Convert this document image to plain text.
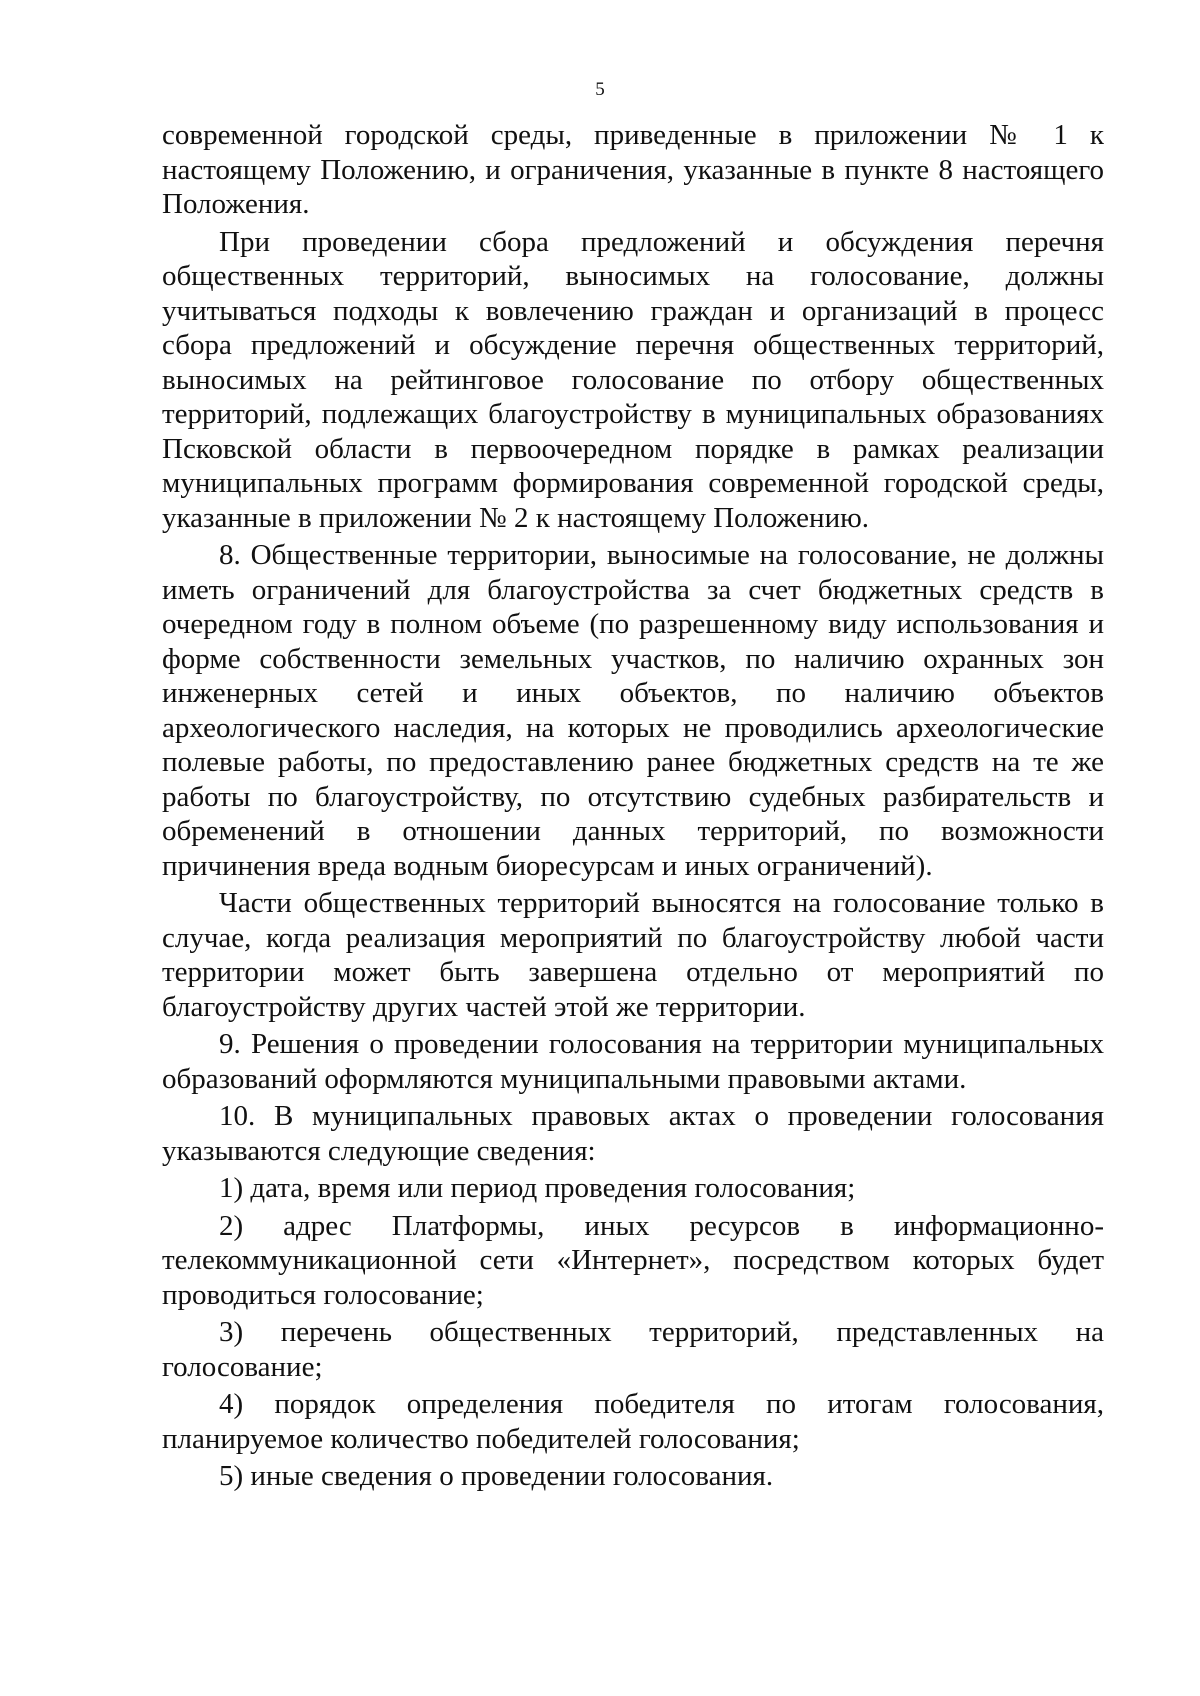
5

современной городской среды, приведенные в приложении № 1 к настоящему Положению, и ограничения, указанные в пункте 8 настоящего Положения.

При проведении сбора предложений и обсуждения перечня общественных территорий, выносимых на голосование, должны учитываться подходы к вовлечению граждан и организаций в процесс сбора предложений и обсуждение перечня общественных территорий, выносимых на рейтинговое голосование по отбору общественных территорий, подлежащих благоустройству в муниципальных образованиях Псковской области в первоочередном порядке в рамках реализации муниципальных программ формирования современной городской среды, указанные в приложении № 2 к настоящему Положению.

8. Общественные территории, выносимые на голосование, не должны иметь ограничений для благоустройства за счет бюджетных средств в очередном году в полном объеме (по разрешенному виду использования и форме собственности земельных участков, по наличию охранных зон инженерных сетей и иных объектов, по наличию объектов археологического наследия, на которых не проводились археологические полевые работы, по предоставлению ранее бюджетных средств на те же работы по благоустройству, по отсутствию судебных разбирательств и обременений в отношении данных территорий, по возможности причинения вреда водным биоресурсам и иных ограничений).

Части общественных территорий выносятся на голосование только в случае, когда реализация мероприятий по благоустройству любой части территории может быть завершена отдельно от мероприятий по благоустройству других частей этой же территории.

9. Решения о проведении голосования на территории муниципальных образований оформляются муниципальными правовыми актами.

10. В муниципальных правовых актах о проведении голосования указываются следующие сведения:

1) дата, время или период проведения голосования;

2) адрес Платформы, иных ресурсов в информационно-телекоммуникационной сети «Интернет», посредством которых будет проводиться голосование;

3) перечень общественных территорий, представленных на голосование;

4) порядок определения победителя по итогам голосования, планируемое количество победителей голосования;

5) иные сведения о проведении голосования.
